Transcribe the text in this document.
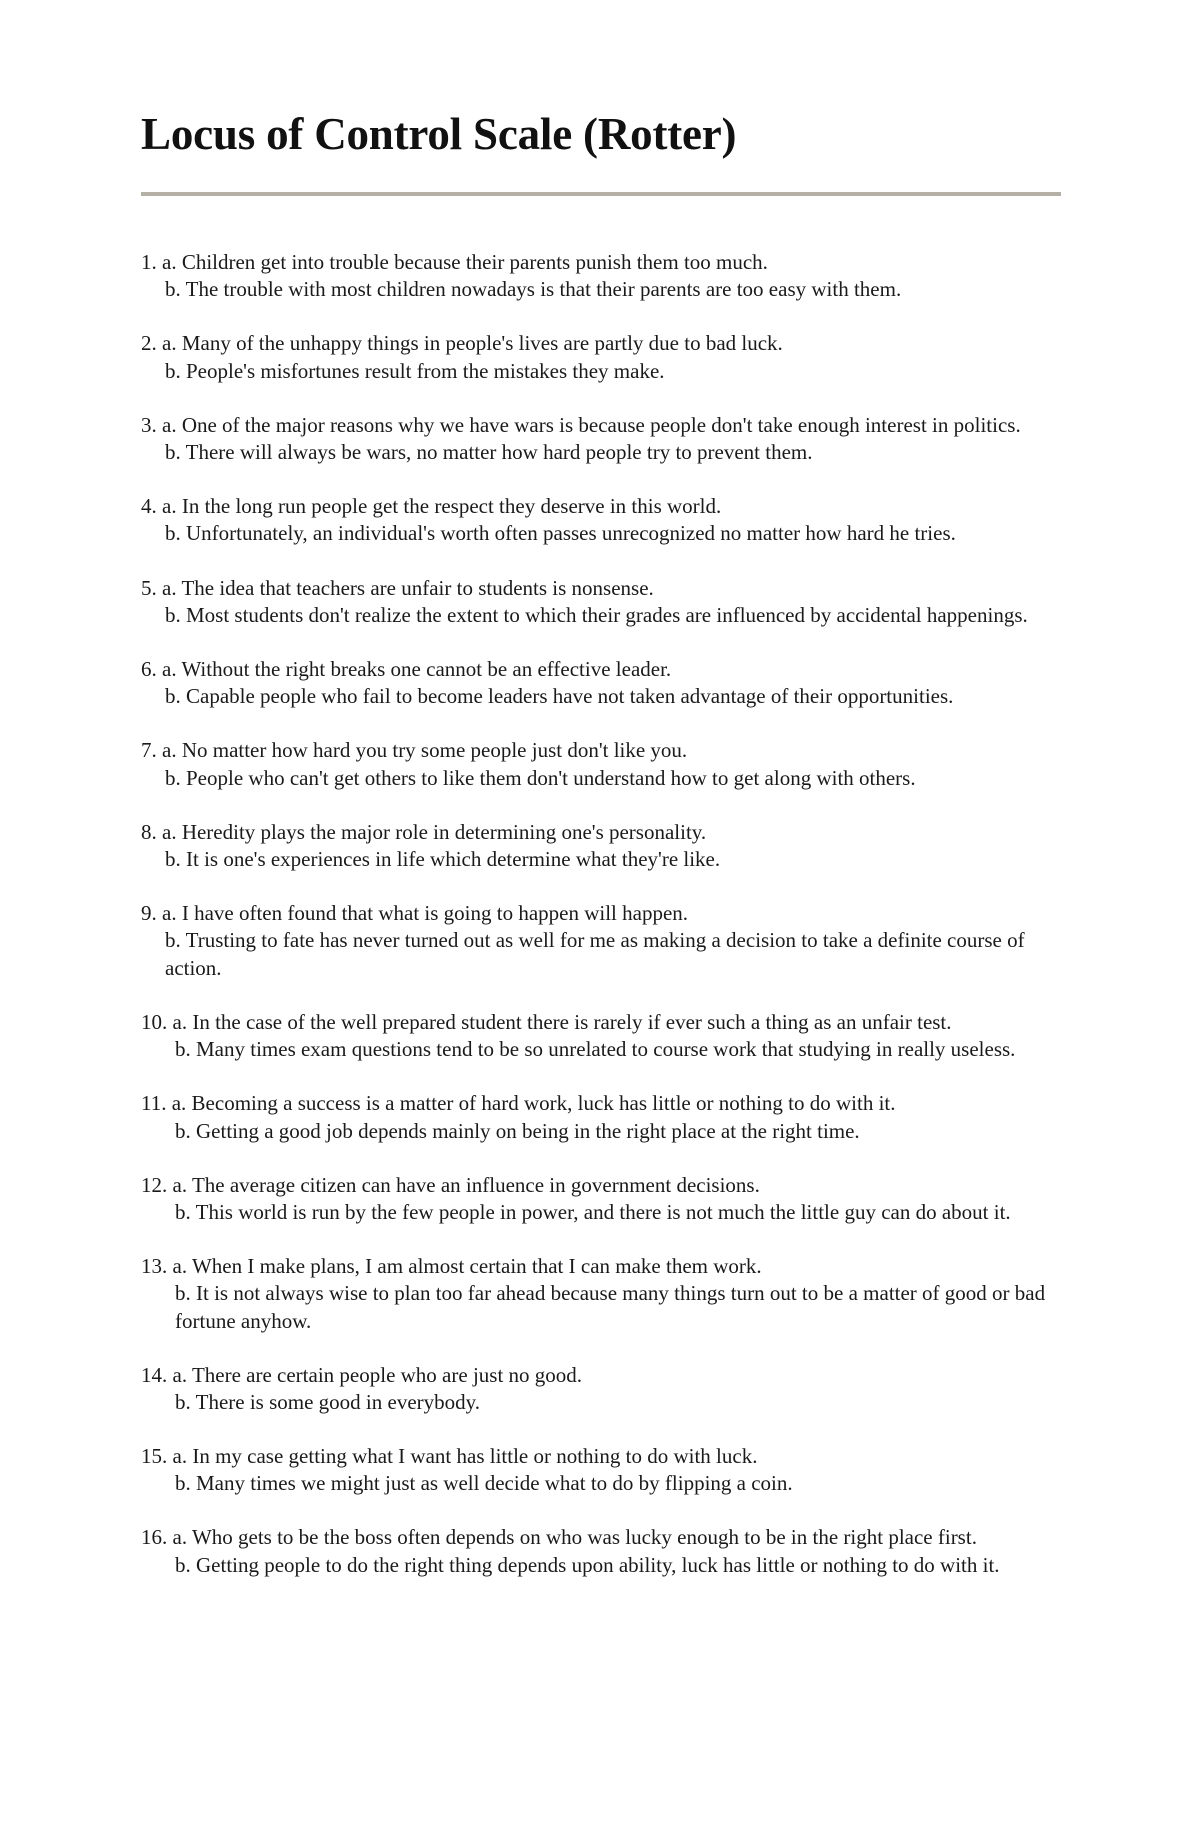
Locus of Control Scale (Rotter)
1. a. Children get into trouble because their parents punish them too much.
b. The trouble with most children nowadays is that their parents are too easy with them.
2. a. Many of the unhappy things in people's lives are partly due to bad luck.
b. People's misfortunes result from the mistakes they make.
3. a. One of the major reasons why we have wars is because people don't take enough interest in politics.
b. There will always be wars, no matter how hard people try to prevent them.
4. a. In the long run people get the respect they deserve in this world.
b. Unfortunately, an individual's worth often passes unrecognized no matter how hard he tries.
5. a. The idea that teachers are unfair to students is nonsense.
b. Most students don't realize the extent to which their grades are influenced by accidental happenings.
6. a. Without the right breaks one cannot be an effective leader.
b. Capable people who fail to become leaders have not taken advantage of their opportunities.
7. a. No matter how hard you try some people just don't like you.
b. People who can't get others to like them don't understand how to get along with others.
8. a. Heredity plays the major role in determining one's personality.
b. It is one's experiences in life which determine what they're like.
9. a. I have often found that what is going to happen will happen.
b. Trusting to fate has never turned out as well for me as making a decision to take a definite course of action.
10. a. In the case of the well prepared student there is rarely if ever such a thing as an unfair test.
b. Many times exam questions tend to be so unrelated to course work that studying in really useless.
11. a. Becoming a success is a matter of hard work, luck has little or nothing to do with it.
b. Getting a good job depends mainly on being in the right place at the right time.
12. a. The average citizen can have an influence in government decisions.
b. This world is run by the few people in power, and there is not much the little guy can do about it.
13. a. When I make plans, I am almost certain that I can make them work.
b. It is not always wise to plan too far ahead because many things turn out to be a matter of good or bad fortune anyhow.
14. a. There are certain people who are just no good.
b. There is some good in everybody.
15. a. In my case getting what I want has little or nothing to do with luck.
b. Many times we might just as well decide what to do by flipping a coin.
16. a. Who gets to be the boss often depends on who was lucky enough to be in the right place first.
b. Getting people to do the right thing depends upon ability, luck has little or nothing to do with it.
